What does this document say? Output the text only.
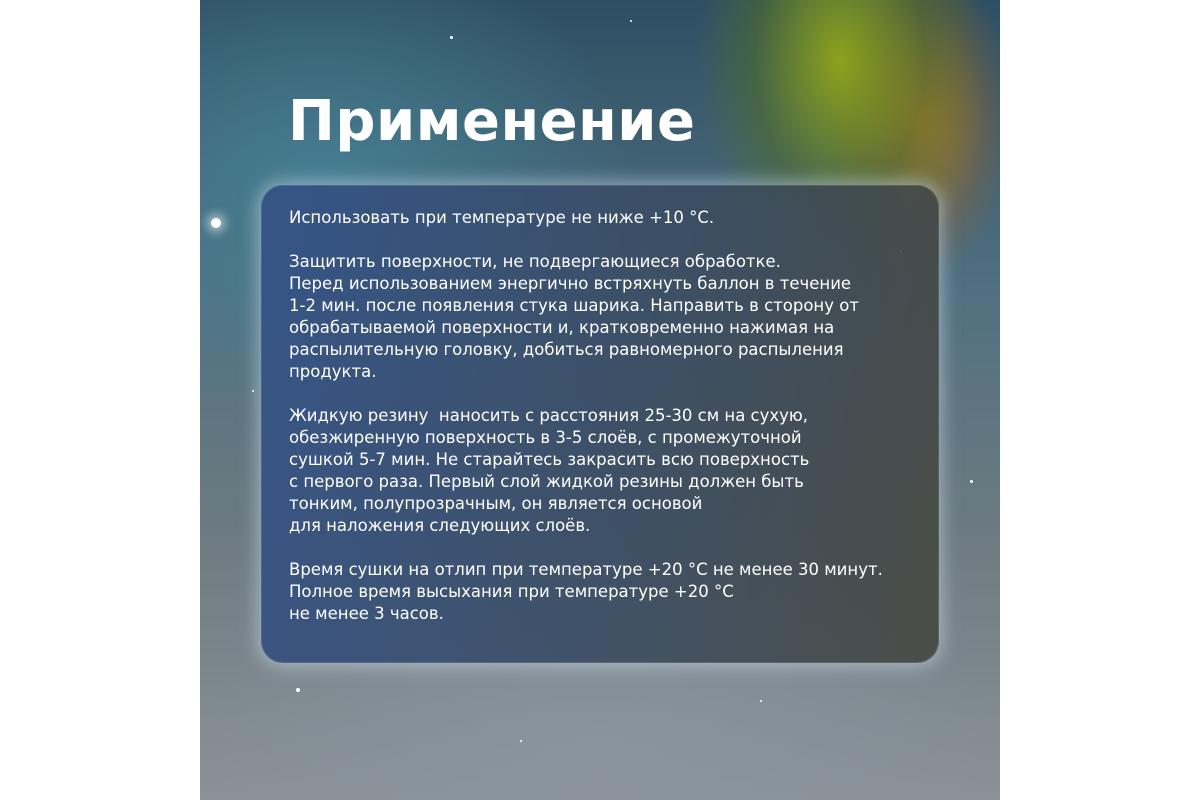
Применение

Использовать при температуре не ниже +10 °С.

Защитить поверхности, не подвергающиеся обработке.
Перед использованием энергично встряхнуть баллон в течение
1-2 мин. после появления стука шарика. Направить в сторону от
обрабатываемой поверхности и, кратковременно нажимая на
распылительную головку, добиться равномерного распыления
продукта.

Жидкую резину  наносить с расстояния 25-30 см на сухую,
обезжиренную поверхность в 3-5 слоёв, с промежуточной
сушкой 5-7 мин. Не старайтесь закрасить всю поверхность
с первого раза. Первый слой жидкой резины должен быть
тонким, полупрозрачным, он является основой
для наложения следующих слоёв.

Время сушки на отлип при температуре +20 °С не менее 30 минут.
Полное время высыхания при температуре +20 °С
не менее 3 часов.
